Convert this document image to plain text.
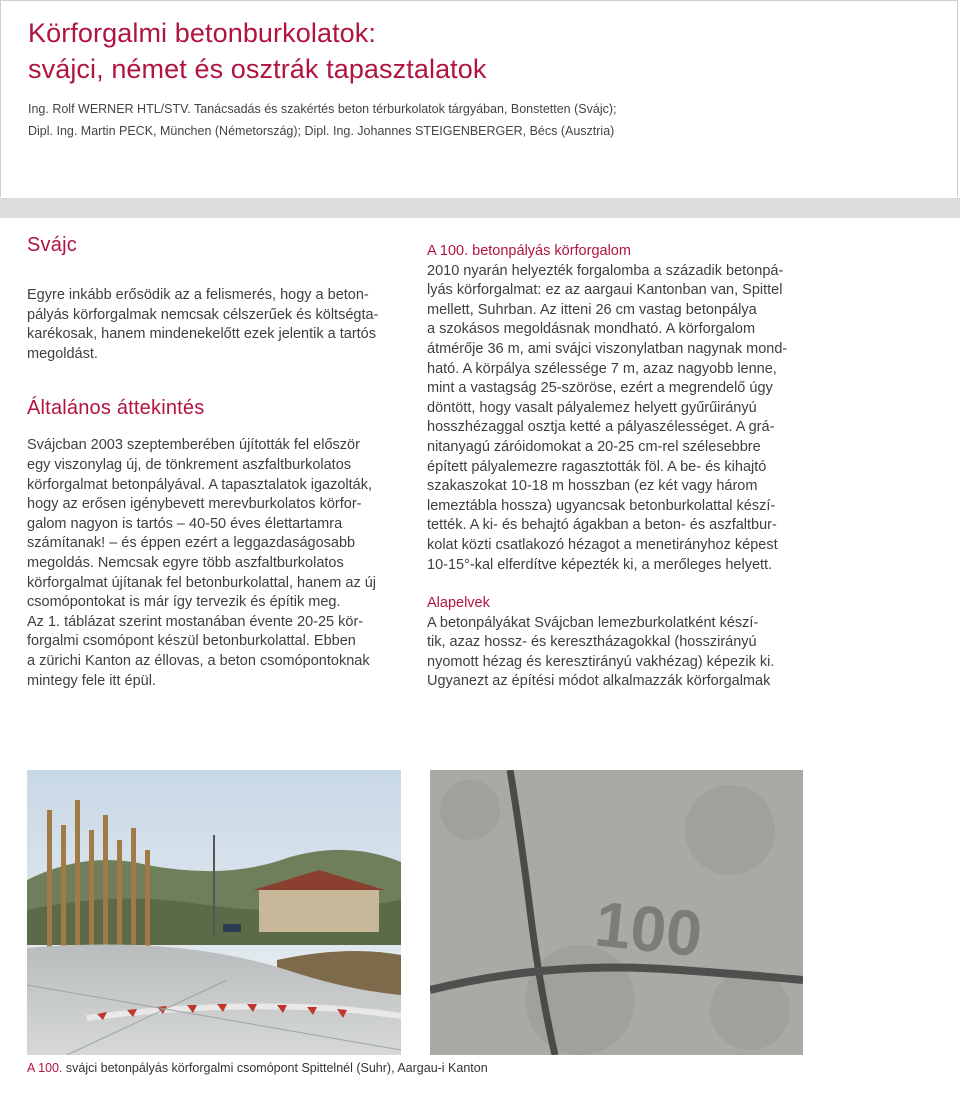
Körforgalmi betonburkolatok:
svájci, német és osztrák tapasztalatok
Ing. Rolf WERNER HTL/STV. Tanácsadás és szakértés beton térburkolatok tárgyában, Bonstetten (Svájc);
Dipl. Ing. Martin PECK, München (Németország); Dipl. Ing. Johannes STEIGENBERGER, Bécs (Ausztria)
Svájc
Egyre inkább erősödik az a felismerés, hogy a beton-
pályás körforgalmak nemcsak célszerűek és költségta-
karékosak, hanem mindenekelőtt ezek jelentik a tartós
megoldást.
Általános áttekintés
Svájcban 2003 szeptemberében újították fel először
egy viszonylag új, de tönkrement aszfaltburkolatos
körforgalmat betonpályával. A tapasztalatok igazolták,
hogy az erősen igénybevett merevburkolatos körfor-
galom nagyon is tartós – 40-50 éves élettartamra
számítanak! – és éppen ezért a leggazdaságosabb
megoldás. Nemcsak egyre több aszfaltburkolatos
körforgalmat újítanak fel betonburkolattal, hanem az új
csomópontokat is már így tervezik és építik meg.
Az 1. táblázat szerint mostanában évente 20-25 kör-
forgalmi csomópont készül betonburkolattal. Ebben
a zürichi Kanton az éllovas, a beton csomópontoknak
mintegy fele itt épül.
A 100. betonpályás körforgalom
2010 nyarán helyezték forgalomba a századik betonpá-
lyás körforgalmat: ez az aargaui Kantonban van, Spittel
mellett, Suhrban. Az itteni 26 cm vastag betonpálya
a szokásos megoldásnak mondható. A körforgalom
átmérője 36 m, ami svájci viszonylatban nagynak mond-
ható. A körpálya szélessége 7 m, azaz nagyobb lenne,
mint a vastagság 25-szöröse, ezért a megrendelő úgy
döntött, hogy vasalt pályalemez helyett gyűrűirányú
hosszhézaggal osztja ketté a pályaszélességet. A grá-
nitanyagú záróidomokat a 20-25 cm-rel szélesebbre
épített pályalemezre ragasztották föl. A be- és kihajtó
szakaszokat 10-18 m hosszban (ez két vagy három
lemeztábla hossza) ugyancsak betonburkolattal készí-
tették. A ki- és behajtó ágakban a beton- és aszfaltbur-
kolat közti csatlakozó hézagot a menetirányhoz képest
10-15°-kal elferdítve képezték ki, a merőleges helyett.
Alapelvek
A betonpályákat Svájcban lemezburkolatként készí-
tik, azaz hossz- és keresztházagokkal (hosszirányú
nyomott hézag és keresztirányú vakhézag) képezik ki.
Ugyanezt az építési módot alkalmazzák körforgalmak
100
A 100. svájci betonpályás körforgalmi csomópont Spittelnél (Suhr), Aargau-i Kanton
